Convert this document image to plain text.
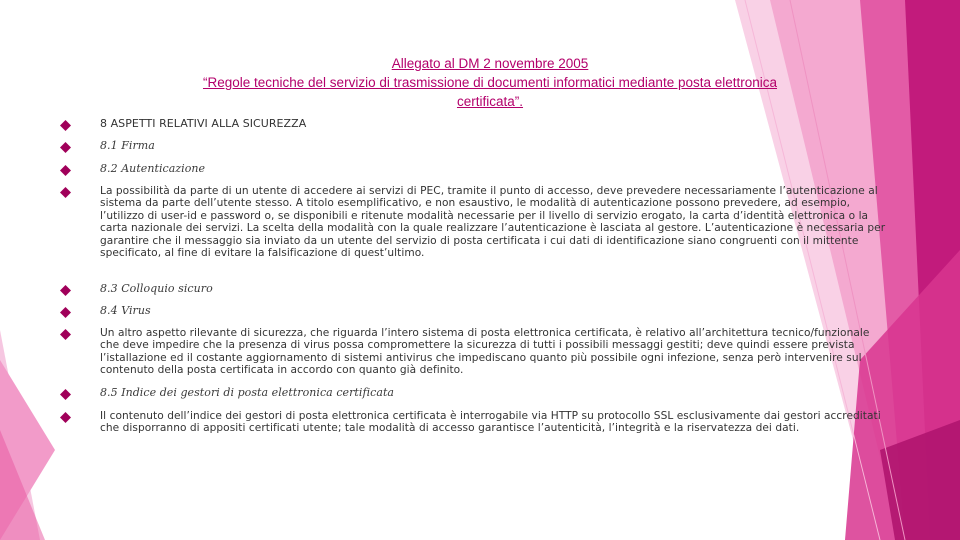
Allegato al DM 2 novembre 2005
“Regole tecniche del servizio di trasmissione di documenti informatici mediante posta elettronica
certificata”.
8 ASPETTI RELATIVI ALLA SICUREZZA
8.1 Firma
8.2 Autenticazione
La possibilità da parte di un utente di accedere ai servizi di PEC, tramite il punto di accesso, deve prevedere necessariamente l’autenticazione al sistema da parte dell’utente stesso. A titolo esemplificativo, e non esaustivo, le modalità di autenticazione possono prevedere, ad esempio, l’utilizzo di user-id e password o, se disponibili e ritenute modalità necessarie per il livello di servizio erogato, la carta d’identità elettronica o la carta nazionale dei servizi. La scelta della modalità con la quale realizzare l’autenticazione è lasciata al gestore. L’autenticazione è necessaria per garantire che il messaggio sia inviato da un utente del servizio di posta certificata i cui dati di identificazione siano congruenti con il mittente specificato, al fine di evitare la falsificazione di quest’ultimo.
8.3 Colloquio sicuro
8.4 Virus
Un altro aspetto rilevante di sicurezza, che riguarda l’intero sistema di posta elettronica certificata, è relativo all’architettura tecnico/funzionale che deve impedire che la presenza di virus possa compromettere la sicurezza di tutti i possibili messaggi gestiti; deve quindi essere prevista l’istallazione ed il costante aggiornamento di sistemi antivirus che impediscano quanto più possibile ogni infezione, senza però intervenire sul contenuto della posta certificata in accordo con quanto già definito.
8.5 Indice dei gestori di posta elettronica certificata
Il contenuto dell’indice dei gestori di posta elettronica certificata è interrogabile via HTTP su protocollo SSL esclusivamente dai gestori accreditati che disporranno di appositi certificati utente; tale modalità di accesso garantisce l’autenticità, l’integrità e la riservatezza dei dati.
